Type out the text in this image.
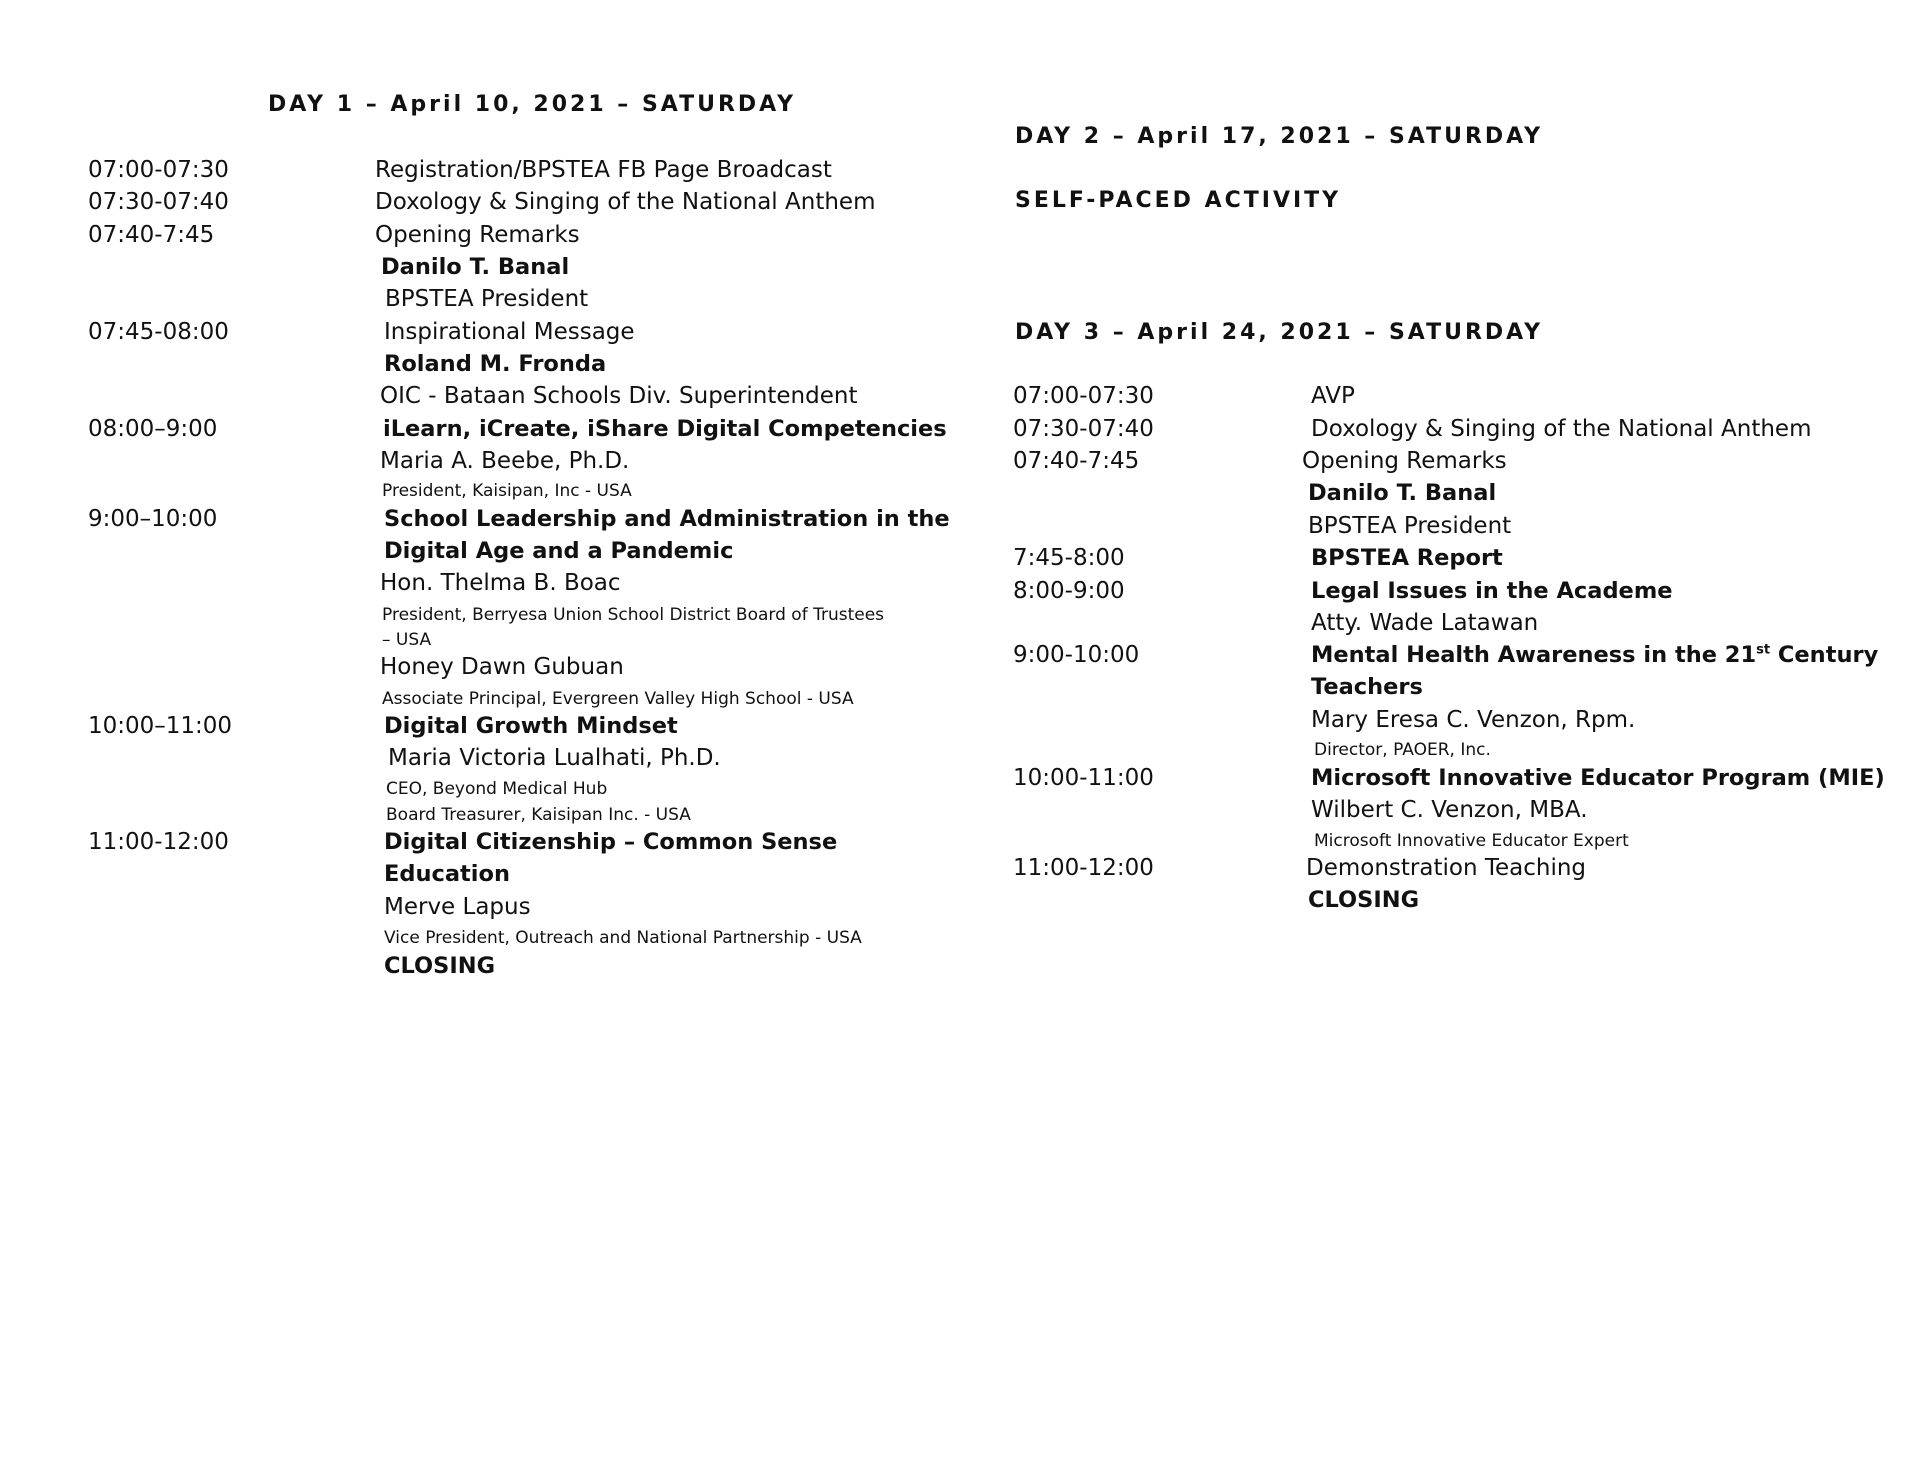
DAY 1 – April 10, 2021 – SATURDAY
07:00-07:30	Registration/BPSTEA FB Page Broadcast
07:30-07:40	Doxology & Singing of the National Anthem
07:40-7:45	Opening Remarks
Danilo T. Banal
BPSTEA President
07:45-08:00	Inspirational Message
Roland M. Fronda
OIC - Bataan Schools Div. Superintendent
08:00–9:00	iLearn, iCreate, iShare Digital Competencies
Maria A. Beebe, Ph.D.
President, Kaisipan, Inc - USA
9:00–10:00	School Leadership and Administration in the
Digital Age and a Pandemic
Hon. Thelma B. Boac
President, Berryesa Union School District Board of Trustees
– USA
Honey Dawn Gubuan
Associate Principal, Evergreen Valley High School - USA
10:00–11:00	Digital Growth Mindset
Maria Victoria Lualhati, Ph.D.
CEO, Beyond Medical Hub
Board Treasurer, Kaisipan Inc. - USA
11:00-12:00	Digital Citizenship – Common Sense
Education
Merve Lapus
Vice President, Outreach and National Partnership - USA
CLOSING
DAY 2 – April 17, 2021 – SATURDAY
SELF-PACED ACTIVITY
DAY 3 – April 24, 2021 – SATURDAY
07:00-07:30	AVP
07:30-07:40	Doxology & Singing of the National Anthem
07:40-7:45	Opening Remarks
Danilo T. Banal
BPSTEA President
7:45-8:00	BPSTEA Report
8:00-9:00	Legal Issues in the Academe
Atty. Wade Latawan
9:00-10:00	Mental Health Awareness in the 21st Century
Teachers
Mary Eresa C. Venzon, Rpm.
Director, PAOER, Inc.
10:00-11:00	Microsoft Innovative Educator Program (MIE)
Wilbert C. Venzon, MBA.
Microsoft Innovative Educator Expert
11:00-12:00	Demonstration Teaching
CLOSING
